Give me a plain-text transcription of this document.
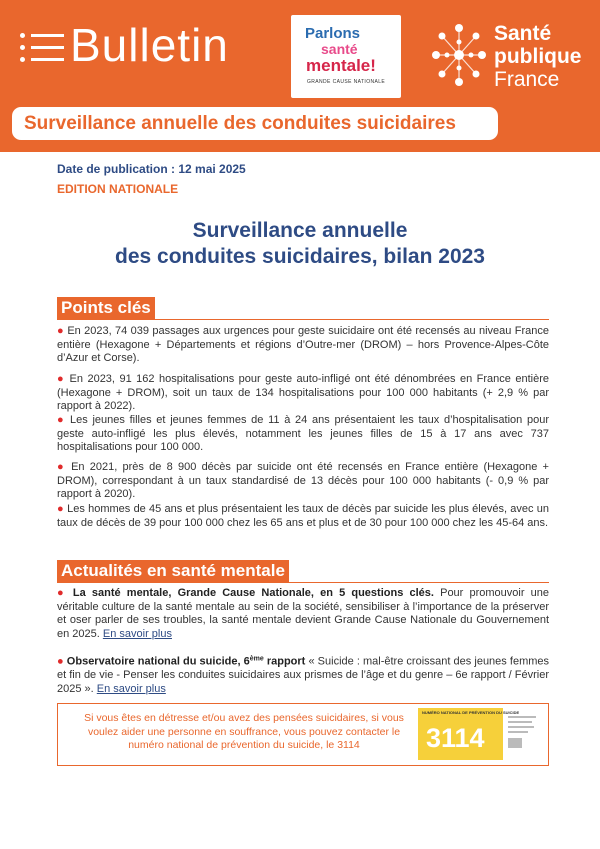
Bulletin	Parlons
santé
mentale!
GRANDE CAUSE NATIONALE
Santé
publique
France
Surveillance annuelle des conduites suicidaires
Date de publication : 12 mai 2025
EDITION NATIONALE
Surveillance annuelle
des conduites suicidaires, bilan 2023
Points clés
● En 2023, 74 039 passages aux urgences pour geste suicidaire ont été recensés au niveau France entière (Hexagone + Départements et régions d’Outre-mer (DROM) – hors Provence-Alpes-Côte d’Azur et Corse).
● En 2023, 91 162 hospitalisations pour geste auto-infligé ont été dénombrées en France entière (Hexagone + DROM), soit un taux de 134 hospitalisations pour 100 000 habitants (+ 2,9 % par rapport à 2022).
● Les jeunes filles et jeunes femmes de 11 à 24 ans présentaient les taux d’hospitalisation pour geste auto-infligé les plus élevés, notamment les jeunes filles de 15 à 17 ans avec 737 hospitalisations pour 100 000.
● En 2021, près de 8 900 décès par suicide ont été recensés en France entière (Hexagone + DROM), correspondant à un taux standardisé de 13 décès pour 100 000 habitants (- 0,9 % par rapport à 2020).
● Les hommes de 45 ans et plus présentaient les taux de décès par suicide les plus élevés, avec un taux de décès de 39 pour 100 000 chez les 65 ans et plus et de 30 pour 100 000 chez les 45-64 ans.
Actualités en santé mentale
● La santé mentale, Grande Cause Nationale, en 5 questions clés. Pour promouvoir une véritable culture de la santé mentale au sein de la société, sensibiliser à l’importance de la préserver et oser parler de ses troubles, la santé mentale devient Grande Cause Nationale du Gouvernement en 2025. En savoir plus
● Observatoire national du suicide, 6ème rapport « Suicide : mal-être croissant des jeunes femmes et fin de vie - Penser les conduites suicidaires aux prismes de l’âge et du genre – 6e rapport / Février 2025 ». En savoir plus
Si vous êtes en détresse et/ou avez des pensées suicidaires, si vous voulez aider une personne en souffrance, vous pouvez contacter le numéro national de prévention du suicide, le 3114
NUMÉRO NATIONAL DE PRÉVENTION DU SUICIDE
3114
